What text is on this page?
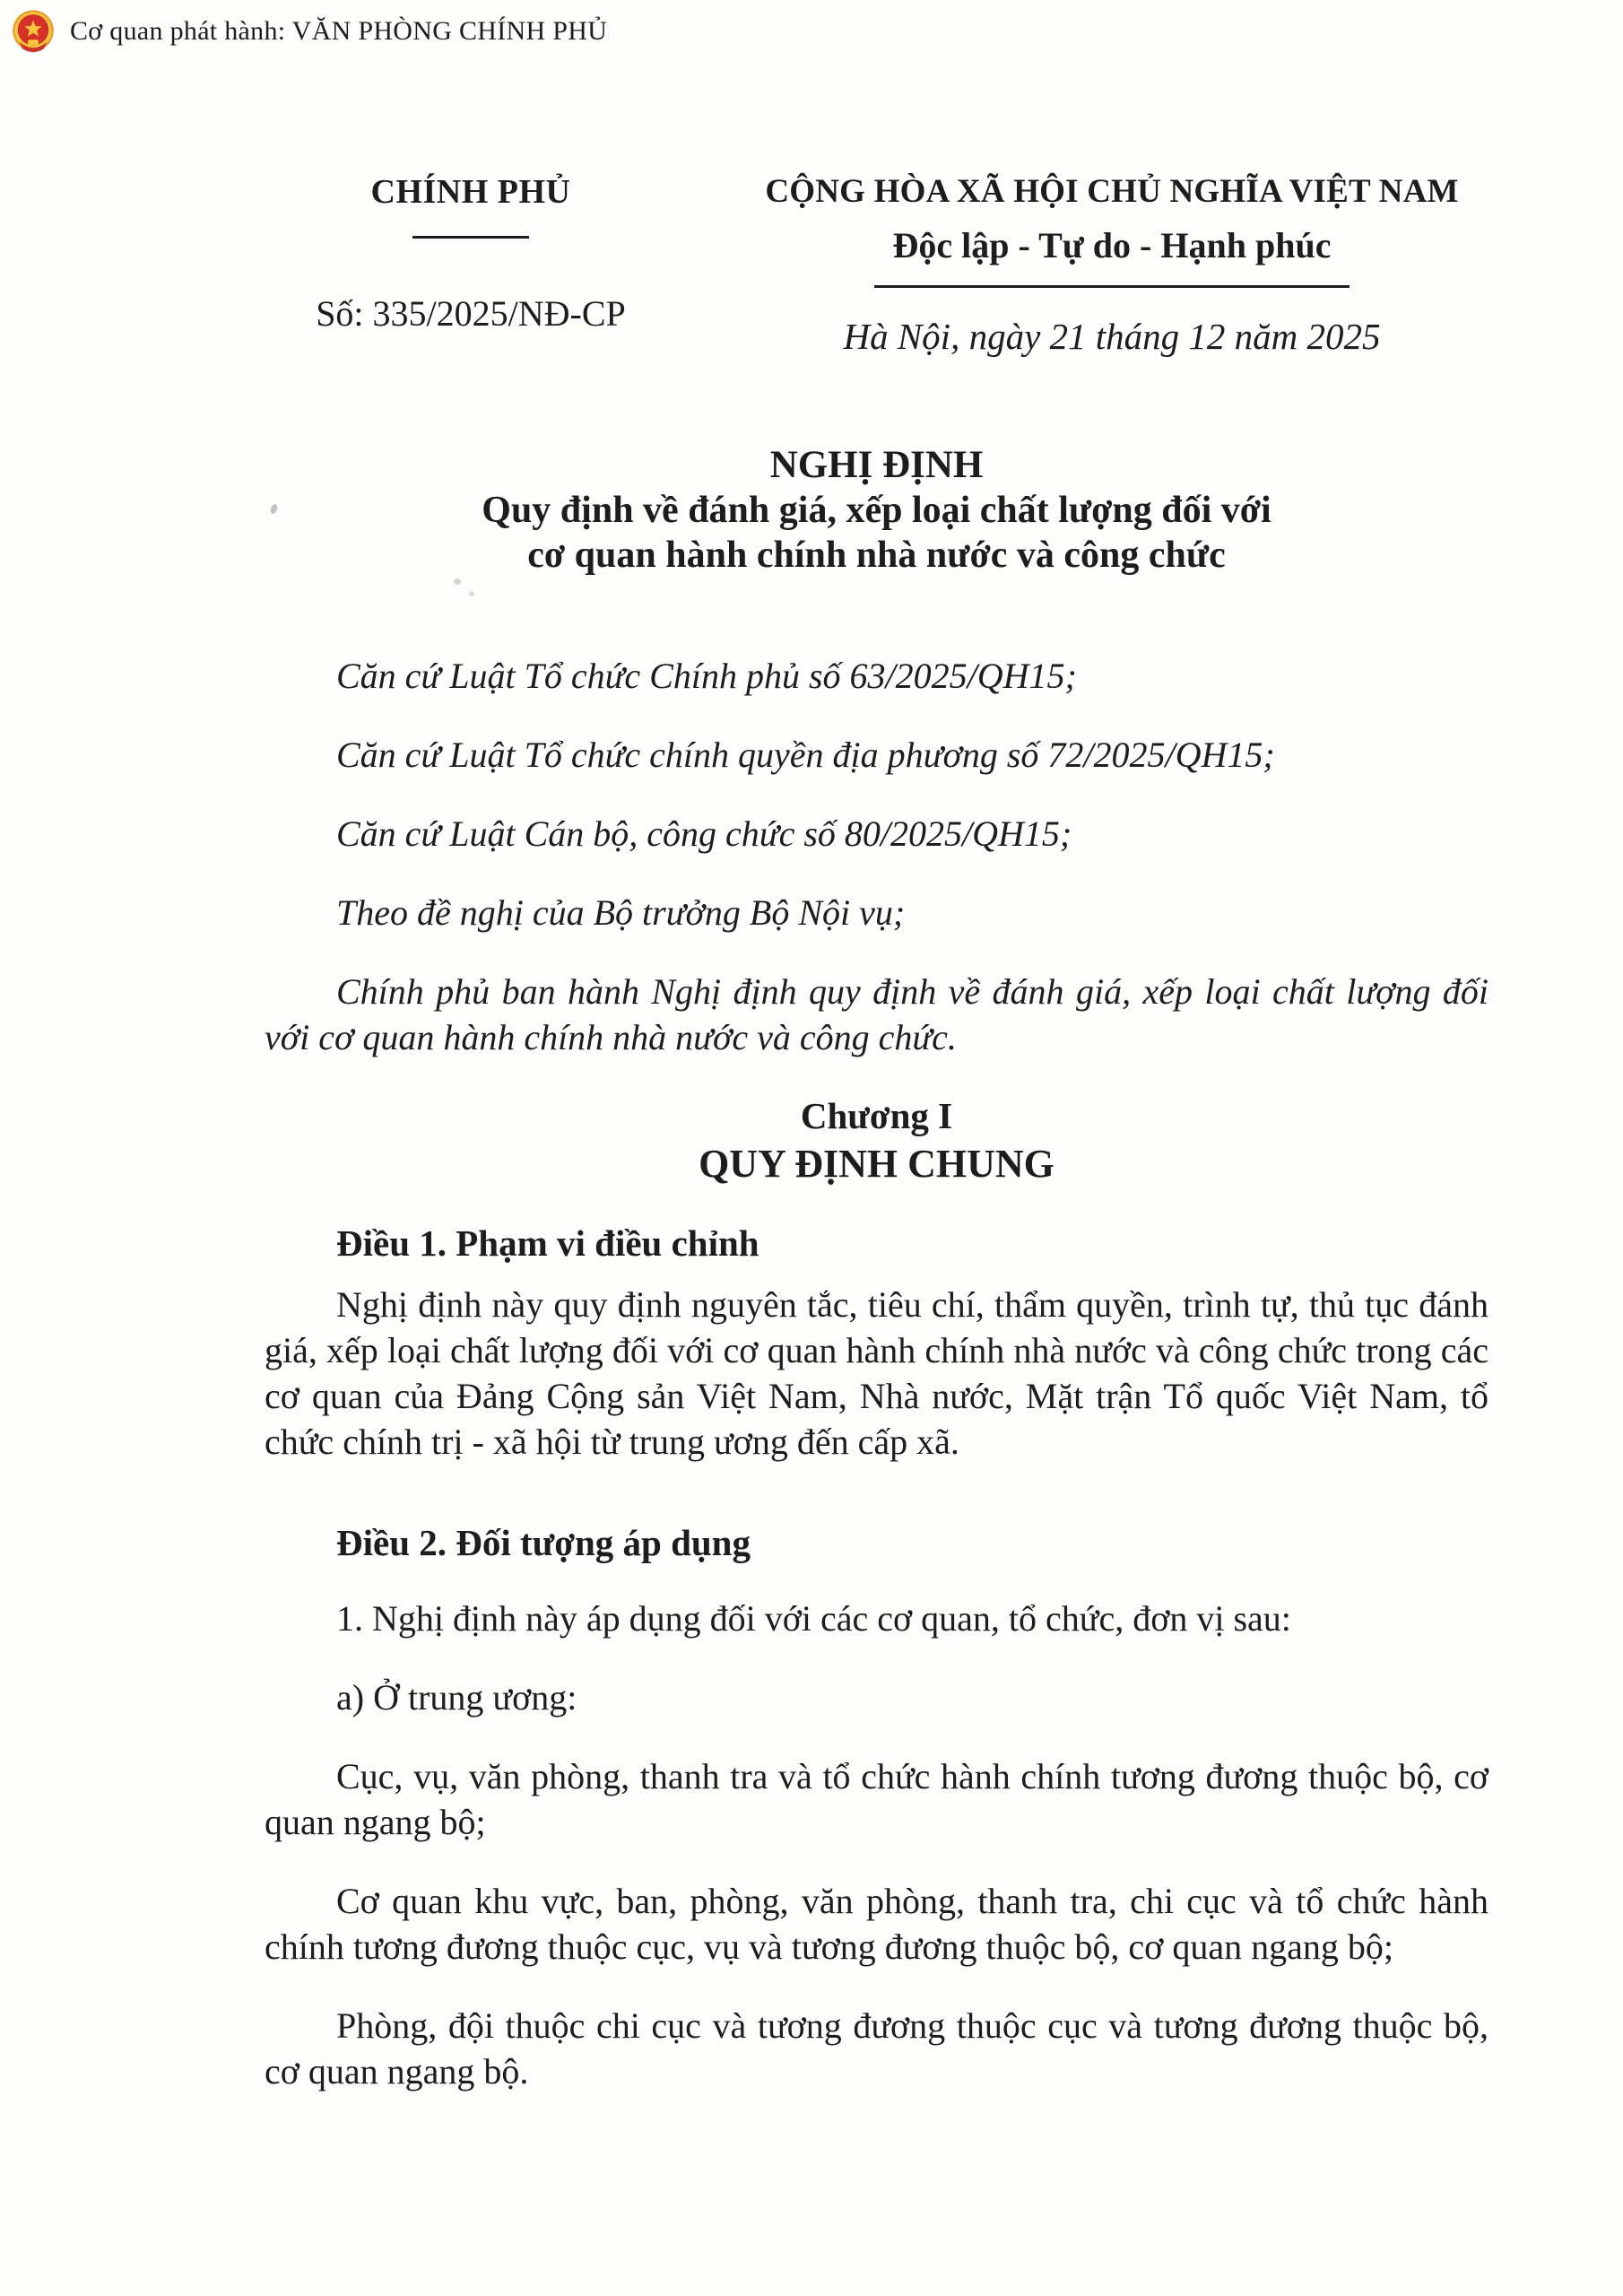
Cơ quan phát hành: VĂN PHÒNG CHÍNH PHỦ
CHÍNH PHỦ
Số: 335/2025/NĐ-CP
CỘNG HÒA XÃ HỘI CHỦ NGHĨA VIỆT NAM
Độc lập - Tự do - Hạnh phúc
Hà Nội, ngày 21 tháng 12 năm 2025
NGHỊ ĐỊNH
Quy định về đánh giá, xếp loại chất lượng đối với
cơ quan hành chính nhà nước và công chức

Căn cứ Luật Tổ chức Chính phủ số 63/2025/QH15;

Căn cứ Luật Tổ chức chính quyền địa phương số 72/2025/QH15;

Căn cứ Luật Cán bộ, công chức số 80/2025/QH15;

Theo đề nghị của Bộ trưởng Bộ Nội vụ;

Chính phủ ban hành Nghị định quy định về đánh giá, xếp loại chất lượng đối với cơ quan hành chính nhà nước và công chức.

Chương I
QUY ĐỊNH CHUNG
Điều 1. Phạm vi điều chỉnh

Nghị định này quy định nguyên tắc, tiêu chí, thẩm quyền, trình tự, thủ tục đánh giá, xếp loại chất lượng đối với cơ quan hành chính nhà nước và công chức trong các cơ quan của Đảng Cộng sản Việt Nam, Nhà nước, Mặt trận Tổ quốc Việt Nam, tổ chức chính trị - xã hội từ trung ương đến cấp xã.

Điều 2. Đối tượng áp dụng

1. Nghị định này áp dụng đối với các cơ quan, tổ chức, đơn vị sau:

a) Ở trung ương:

Cục, vụ, văn phòng, thanh tra và tổ chức hành chính tương đương thuộc bộ, cơ quan ngang bộ;

Cơ quan khu vực, ban, phòng, văn phòng, thanh tra, chi cục và tổ chức hành chính tương đương thuộc cục, vụ và tương đương thuộc bộ, cơ quan ngang bộ;

Phòng, đội thuộc chi cục và tương đương thuộc cục và tương đương thuộc bộ, cơ quan ngang bộ.
